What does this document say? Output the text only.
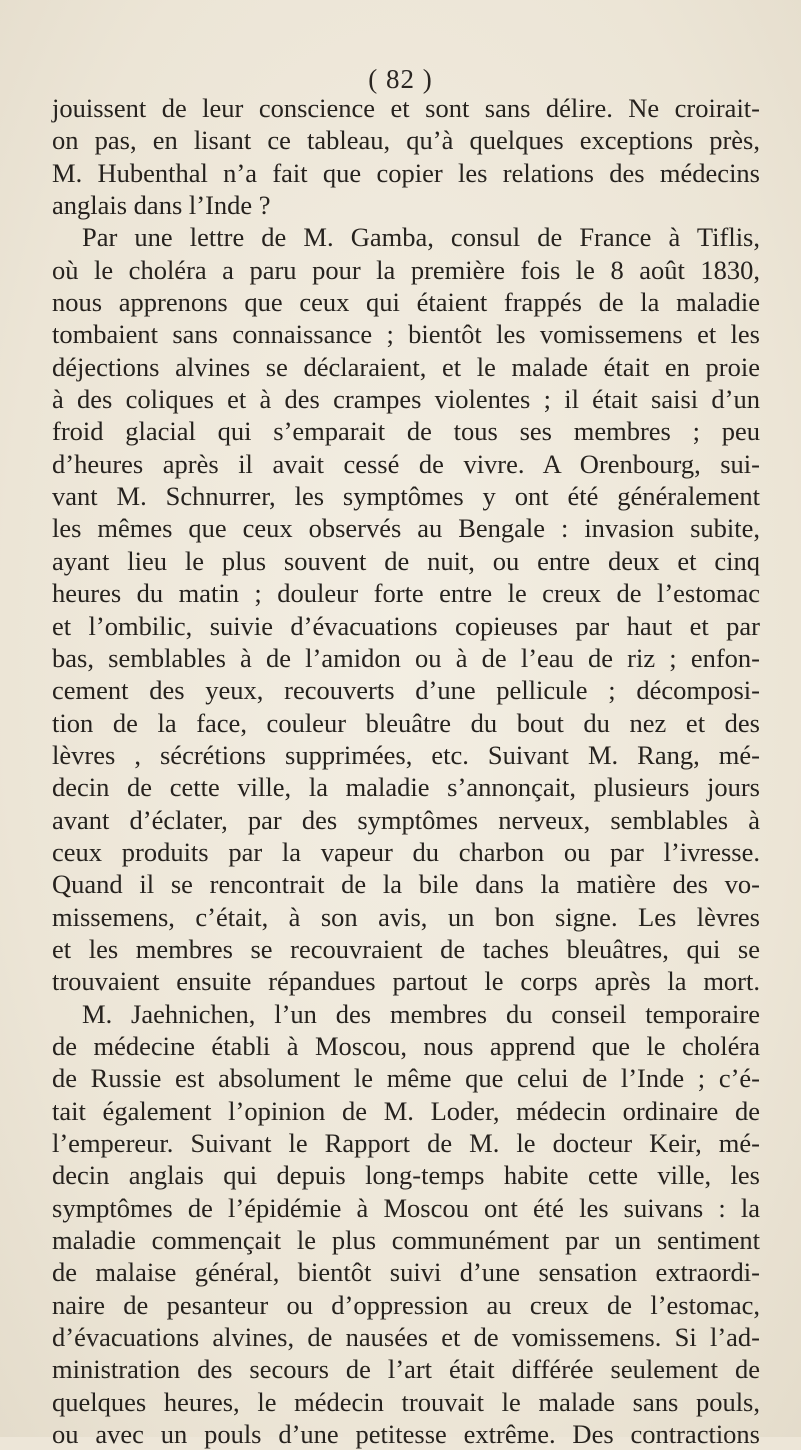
( 82 )
jouissent de leur conscience et sont sans délire. Ne croirait-
on pas, en lisant ce tableau, qu’à quelques exceptions près,
M. Hubenthal n’a fait que copier les relations des médecins
anglais dans l’Inde ?
Par une lettre de M. Gamba, consul de France à Tiflis,
où le choléra a paru pour la première fois le 8 août 1830,
nous apprenons que ceux qui étaient frappés de la maladie
tombaient sans connaissance ; bientôt les vomissemens et les
déjections alvines se déclaraient, et le malade était en proie
à des coliques et à des crampes violentes ; il était saisi d’un
froid glacial qui s’emparait de tous ses membres ; peu
d’heures après il avait cessé de vivre. A Orenbourg, sui-
vant M. Schnurrer, les symptômes y ont été généralement
les mêmes que ceux observés au Bengale : invasion subite,
ayant lieu le plus souvent de nuit, ou entre deux et cinq
heures du matin ; douleur forte entre le creux de l’estomac
et l’ombilic, suivie d’évacuations copieuses par haut et par
bas, semblables à de l’amidon ou à de l’eau de riz ; enfon-
cement des yeux, recouverts d’une pellicule ; décomposi-
tion de la face, couleur bleuâtre du bout du nez et des
lèvres , sécrétions supprimées, etc. Suivant M. Rang, mé-
decin de cette ville, la maladie s’annonçait, plusieurs jours
avant d’éclater, par des symptômes nerveux, semblables à
ceux produits par la vapeur du charbon ou par l’ivresse.
Quand il se rencontrait de la bile dans la matière des vo-
missemens, c’était, à son avis, un bon signe. Les lèvres
et les membres se recouvraient de taches bleuâtres, qui se
trouvaient ensuite répandues partout le corps après la mort.
M. Jaehnichen, l’un des membres du conseil temporaire
de médecine établi à Moscou, nous apprend que le choléra
de Russie est absolument le même que celui de l’Inde ; c’é-
tait également l’opinion de M. Loder, médecin ordinaire de
l’empereur. Suivant le Rapport de M. le docteur Keir, mé-
decin anglais qui depuis long-temps habite cette ville, les
symptômes de l’épidémie à Moscou ont été les suivans : la
maladie commençait le plus communément par un sentiment
de malaise général, bientôt suivi d’une sensation extraordi-
naire de pesanteur ou d’oppression au creux de l’estomac,
d’évacuations alvines, de nausées et de vomissemens. Si l’ad-
ministration des secours de l’art était différée seulement de
quelques heures, le médecin trouvait le malade sans pouls,
ou avec un pouls d’une petitesse extrême. Des contractions
